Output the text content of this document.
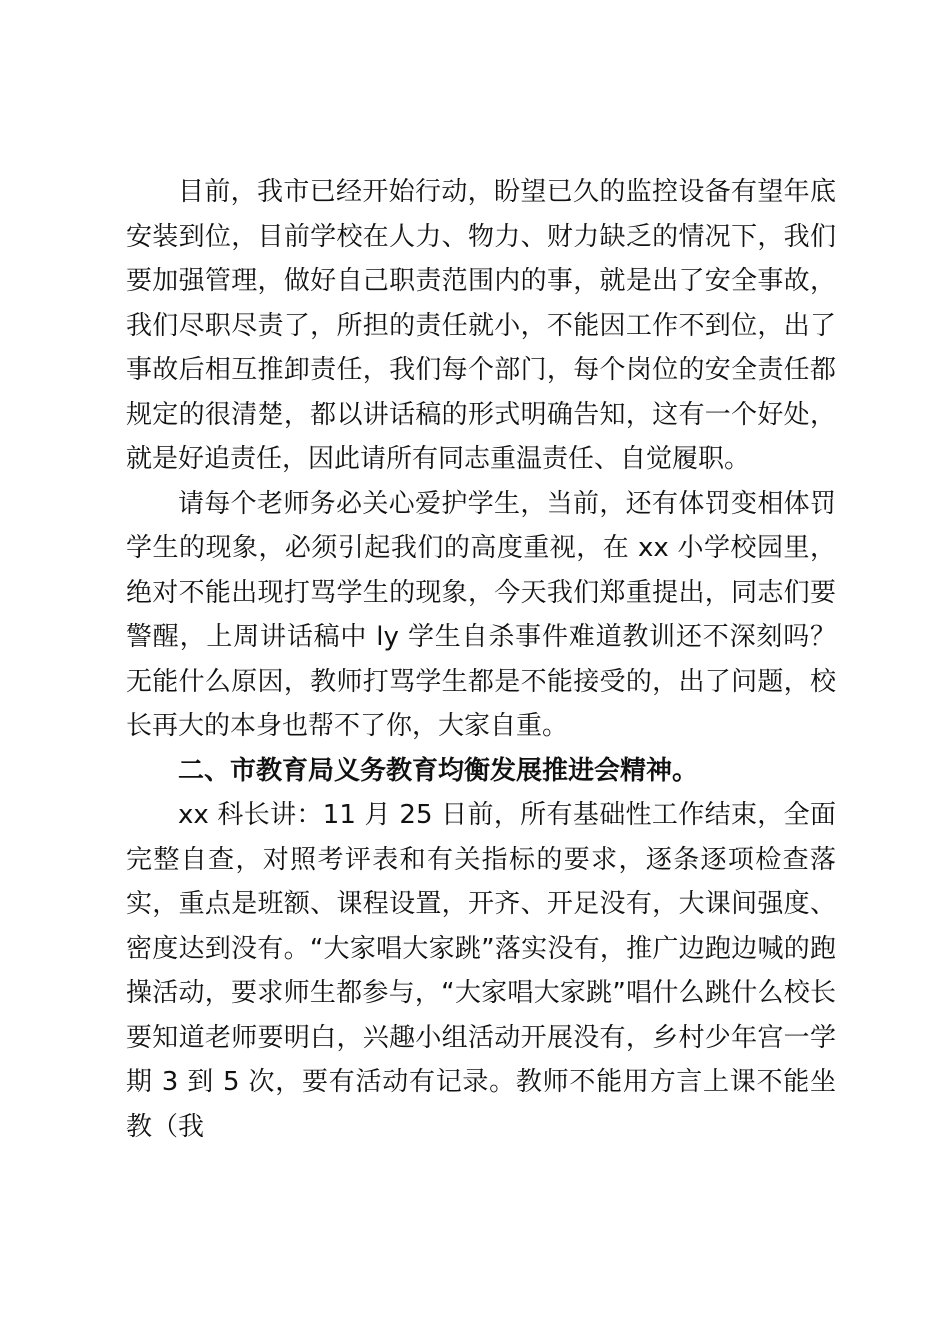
目前，我市已经开始行动，盼望已久的监控设备有望年底安装到位，目前学校在人力、物力、财力缺乏的情况下，我们要加强管理，做好自己职责范围内的事，就是出了安全事故，我们尽职尽责了，所担的责任就小，不能因工作不到位，出了事故后相互推卸责任，我们每个部门，每个岗位的安全责任都规定的很清楚，都以讲话稿的形式明确告知，这有一个好处，就是好追责任，因此请所有同志重温责任、自觉履职。

请每个老师务必关心爱护学生，当前，还有体罚变相体罚学生的现象，必须引起我们的高度重视，在 xx 小学校园里，绝对不能出现打骂学生的现象，今天我们郑重提出，同志们要警醒，上周讲话稿中 ly 学生自杀事件难道教训还不深刻吗？无能什么原因，教师打骂学生都是不能接受的，出了问题，校长再大的本身也帮不了你，大家自重。

二、市教育局义务教育均衡发展推进会精神。

xx 科长讲：11 月 25 日前，所有基础性工作结束，全面完整自查，对照考评表和有关指标的要求，逐条逐项检查落实，重点是班额、课程设置，开齐、开足没有，大课间强度、密度达到没有。“大家唱大家跳”落实没有，推广边跑边喊的跑操活动，要求师生都参与，“大家唱大家跳”唱什么跳什么校长要知道老师要明白，兴趣小组活动开展没有，乡村少年宫一学期 3 到 5 次，要有活动有记录。教师不能用方言上课不能坐教（我
